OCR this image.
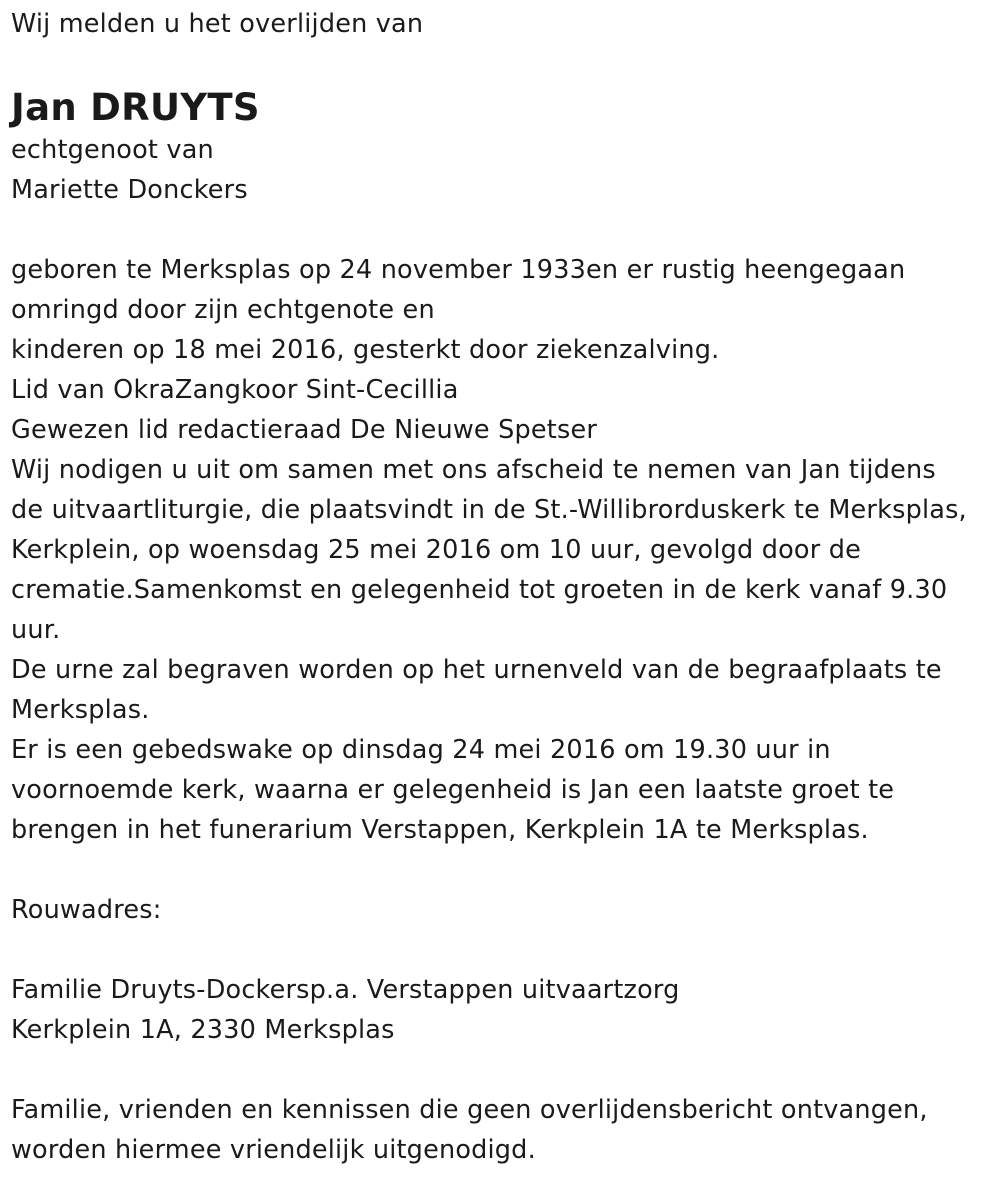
Wij melden u het overlijden van
Jan DRUYTS
echtgenoot van
Mariette Donckers
geboren te Merksplas op 24 november 1933en er rustig heengegaan
omringd door zijn echtgenote en
kinderen op 18 mei 2016, gesterkt door ziekenzalving.
Lid van OkraZangkoor Sint-Cecillia
Gewezen lid redactieraad De Nieuwe Spetser
Wij nodigen u uit om samen met ons afscheid te nemen van Jan tijdens
de uitvaartliturgie, die plaatsvindt in de St.-Willibrorduskerk te Merksplas,
Kerkplein, op woensdag 25 mei 2016 om 10 uur, gevolgd door de
crematie.Samenkomst en gelegenheid tot groeten in de kerk vanaf 9.30
uur.
De urne zal begraven worden op het urnenveld van de begraafplaats te
Merksplas.
Er is een gebedswake op dinsdag 24 mei 2016 om 19.30 uur in
voornoemde kerk, waarna er gelegenheid is Jan een laatste groet te
brengen in het funerarium Verstappen, Kerkplein 1A te Merksplas.
Rouwadres:
Familie Druyts-Dockersp.a. Verstappen uitvaartzorg
Kerkplein 1A, 2330 Merksplas
Familie, vrienden en kennissen die geen overlijdensbericht ontvangen,
worden hiermee vriendelijk uitgenodigd.
